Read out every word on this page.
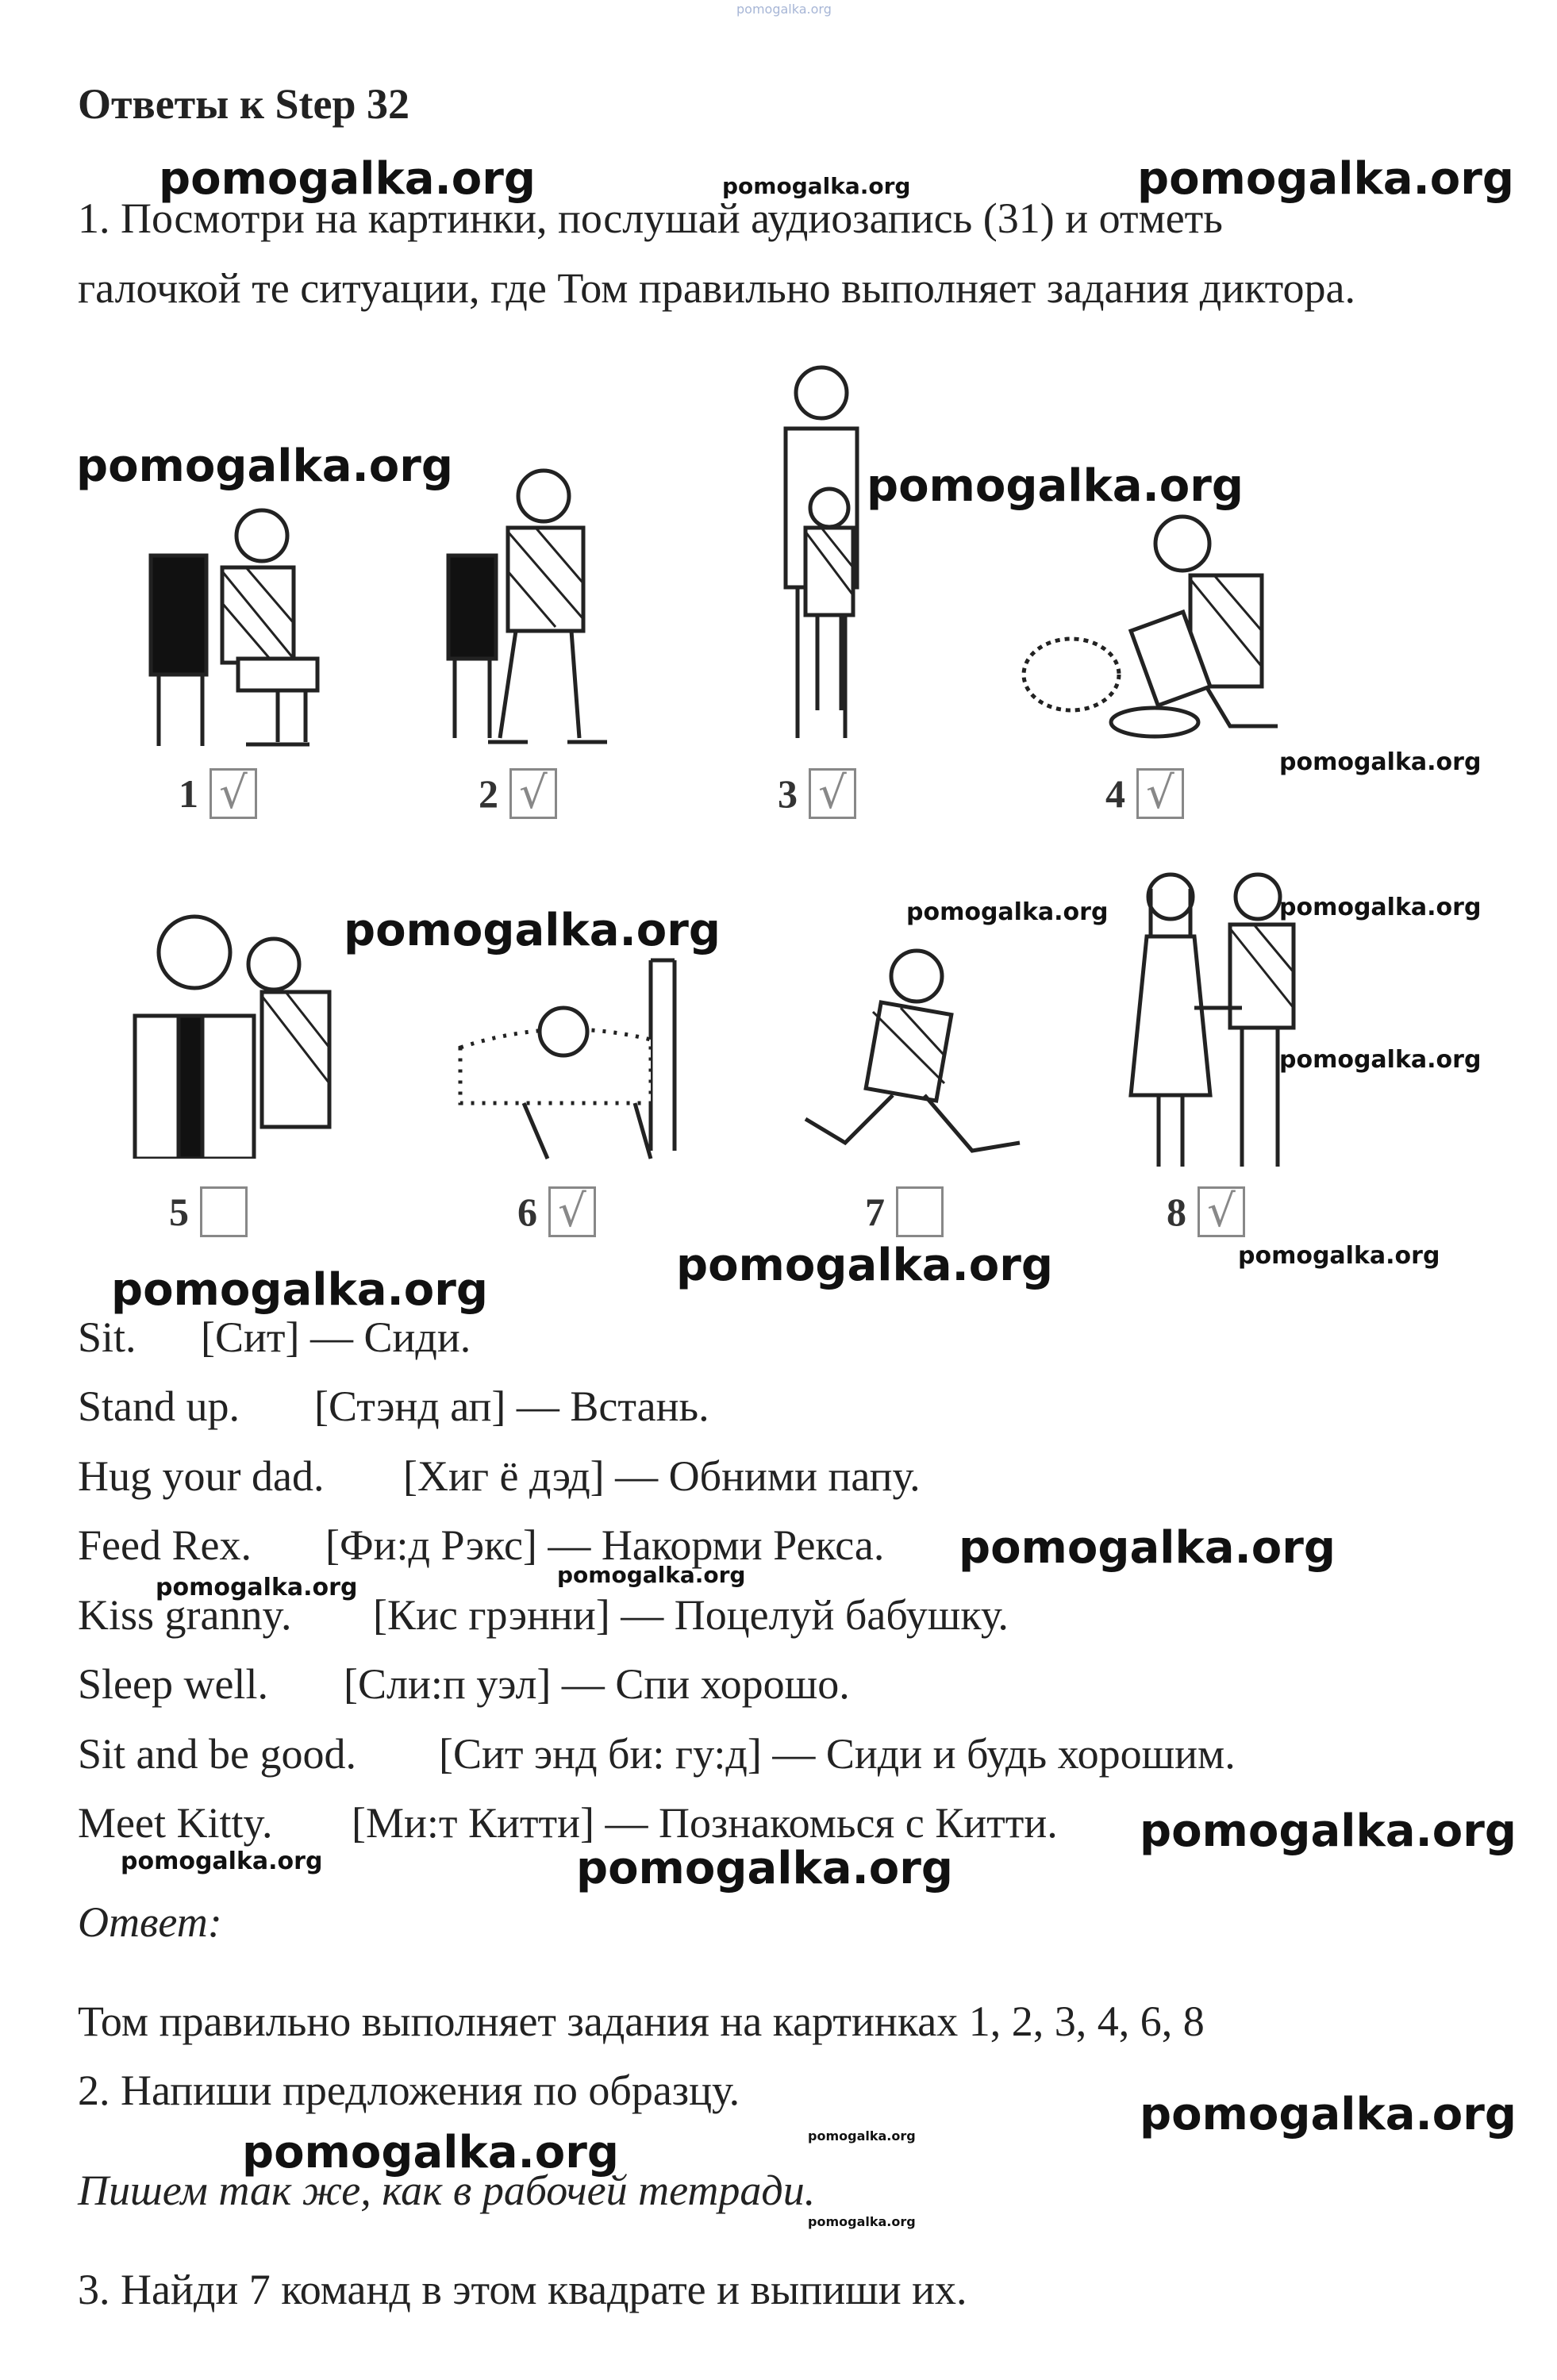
pomogalka.org
Ответы к Step 32
1. Посмотри на картинки, послушай аудиозапись (31) и отметь
галочкой те ситуации, где Том правильно выполняет задания диктора.
1 √	2 √	3 √	4 √
5	6 √	7	8 √
Sit. [Сит] — Сиди.
Stand up. [Стэнд ап] — Встань.
Hug your dad. [Хиг ё дэд] — Обними папу.
Feed Rex. [Фи:д Рэкс] — Накорми Рекса.
Kiss granny. [Кис грэнни] — Поцелуй бабушку.
Sleep well. [Сли:п уэл] — Спи хорошо.
Sit and be good. [Сит энд би: гу:д] — Сиди и будь хорошим.
Meet Kitty. [Ми:т Китти] — Познакомься с Китти.
Ответ:
Том правильно выполняет задания на картинках 1, 2, 3, 4, 6, 8
2. Напиши предложения по образцу.
Пишем так же, как в рабочей тетради.
3. Найди 7 команд в этом квадрате и выпиши их.
pomogalka.org	pomogalka.org	pomogalka.org
pomogalka.org	pomogalka.org
pomogalka.org
pomogalka.org	pomogalka.org	pomogalka.org
pomogalka.org
pomogalka.org	pomogalka.org
pomogalka.org
pomogalka.org
pomogalka.org
pomogalka.org
pomogalka.org
pomogalka.org	pomogalka.org
pomogalka.org
pomogalka.org	pomogalka.org
pomogalka.org
